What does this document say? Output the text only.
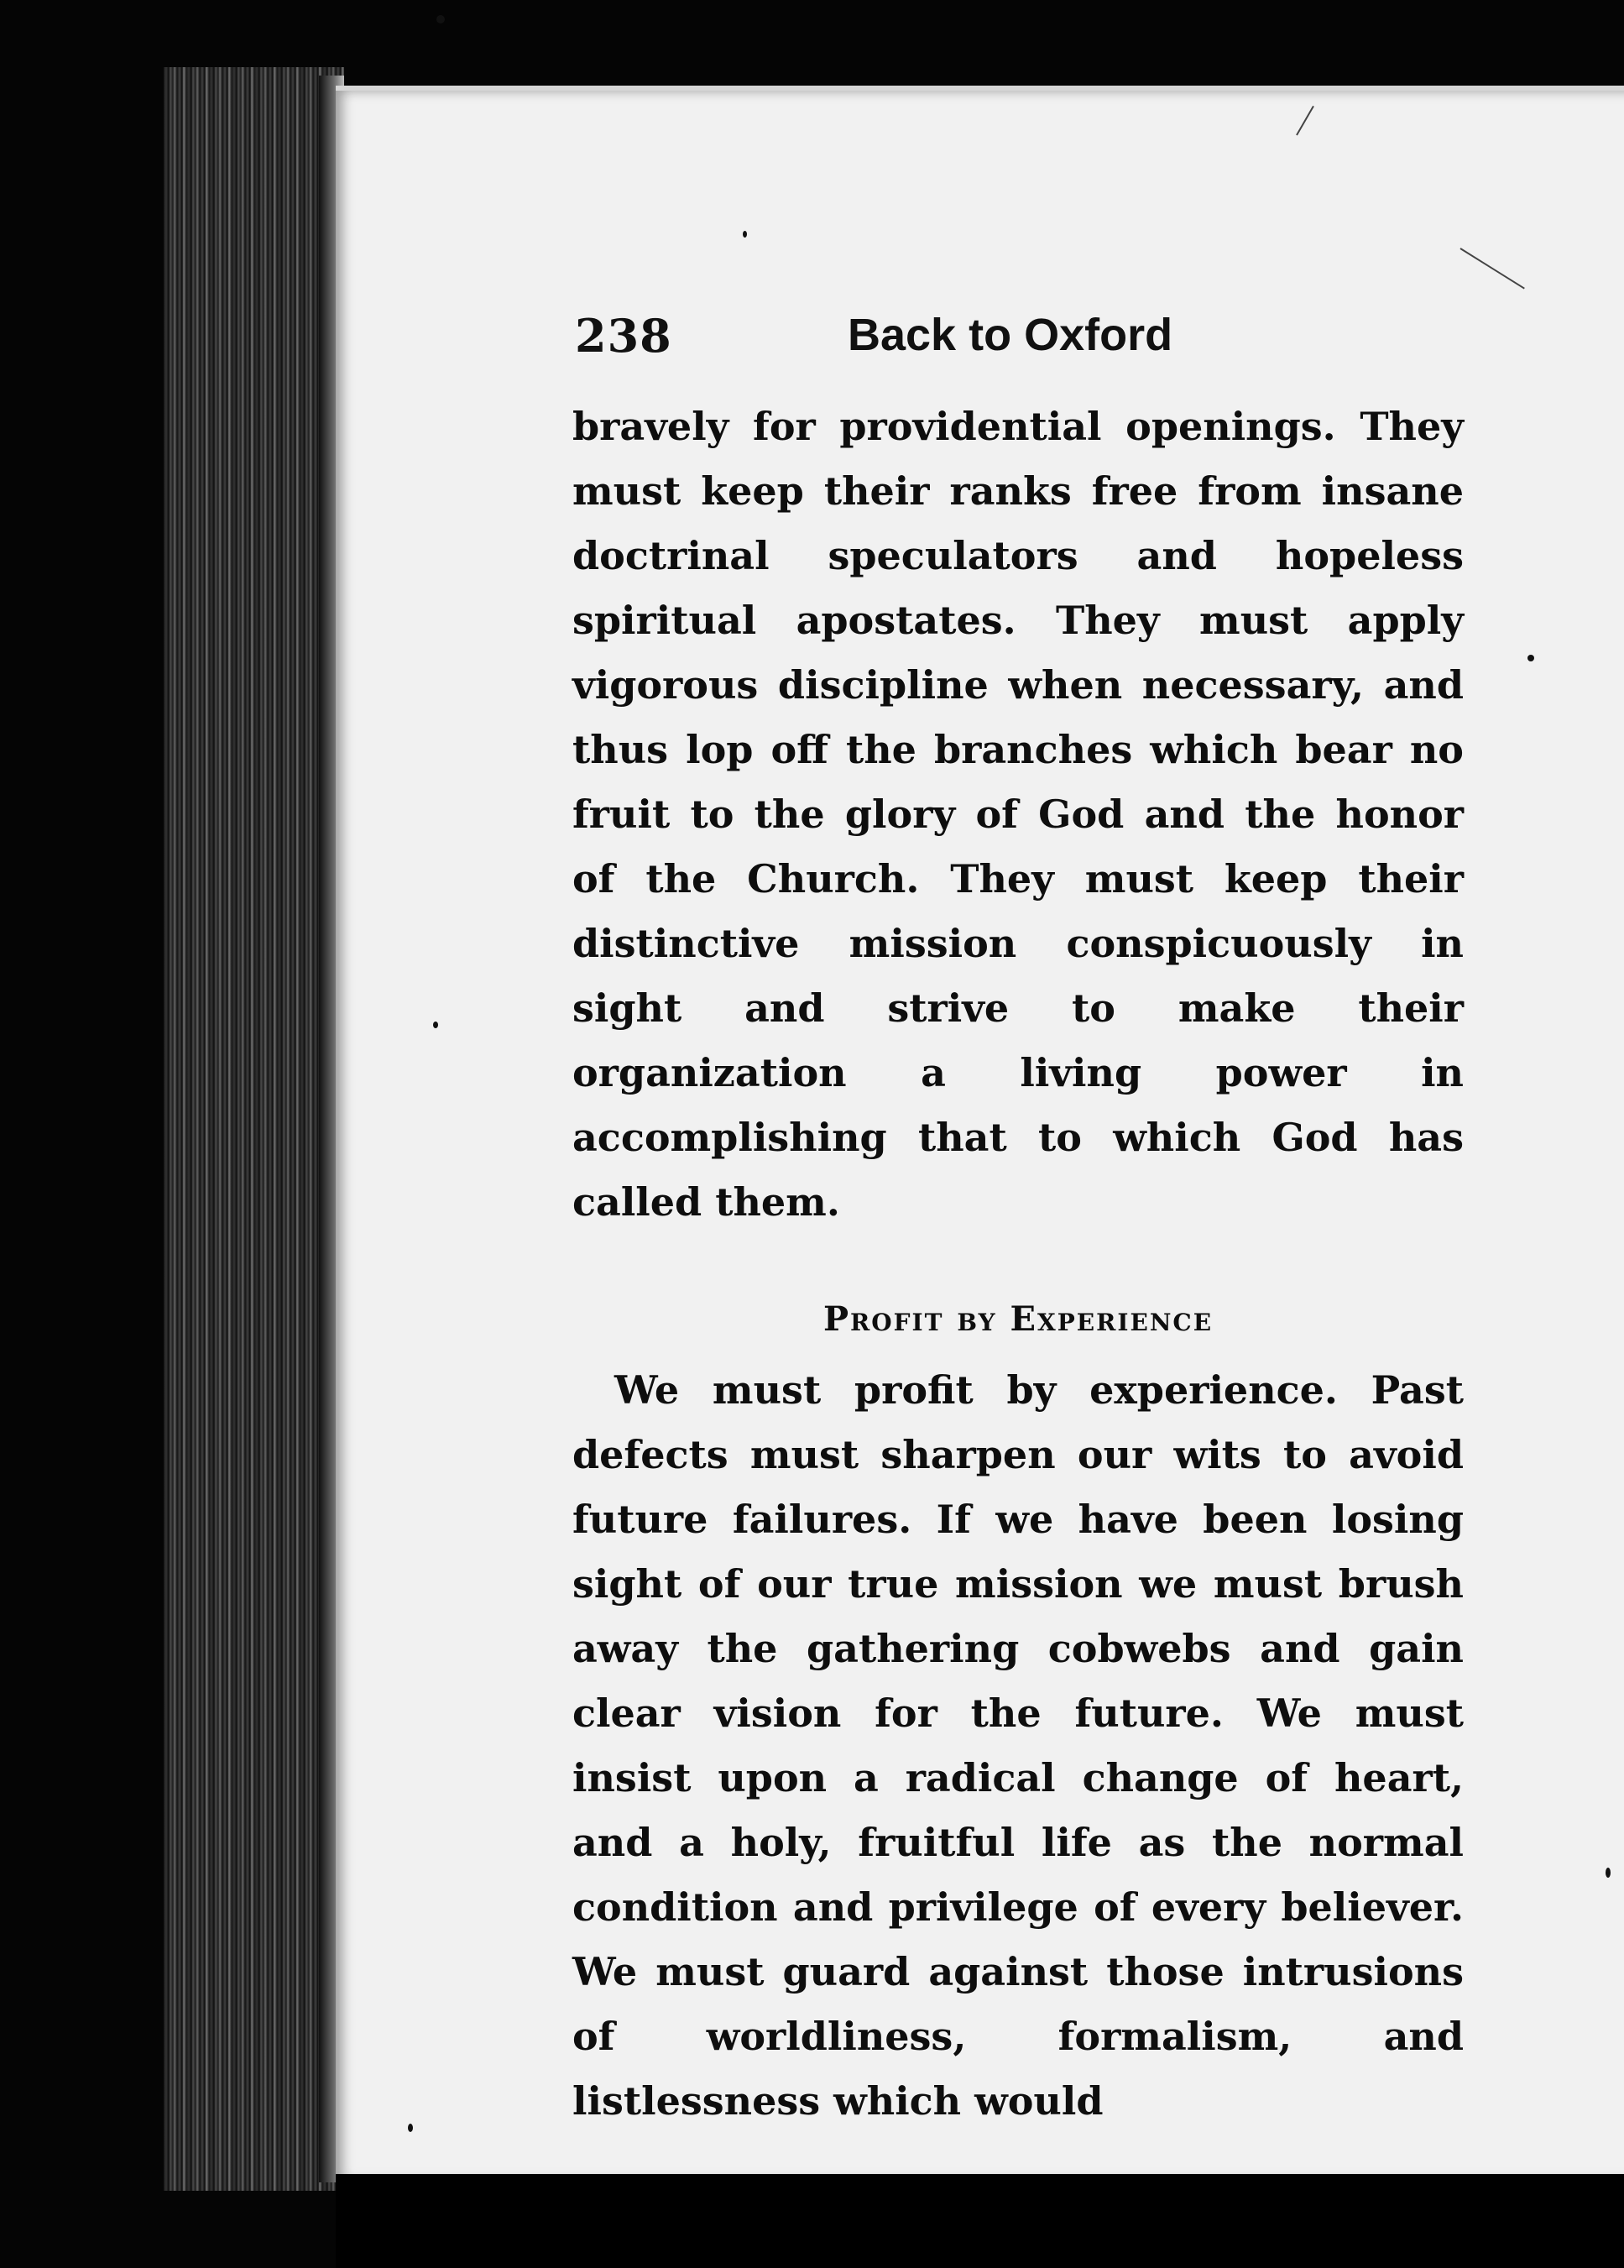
238	Back to Oxford

bravely for providential openings. They must keep their ranks free from insane doctrinal speculators and hopeless spiritual apostates. They must apply vigorous discipline when necessary, and thus lop off the branches which bear no fruit to the glory of God and the honor of the Church. They must keep their distinctive mission conspicuously in sight and strive to make their organization a living power in accomplishing that to which God has called them.

Profit by Experience

We must profit by experience. Past defects must sharpen our wits to avoid future failures. If we have been losing sight of our true mission we must brush away the gathering cobwebs and gain clear vision for the future. We must insist upon a radical change of heart, and a holy, fruitful life as the normal condition and privilege of every believer. We must guard against those intrusions of worldliness, formalism, and listlessness which would
